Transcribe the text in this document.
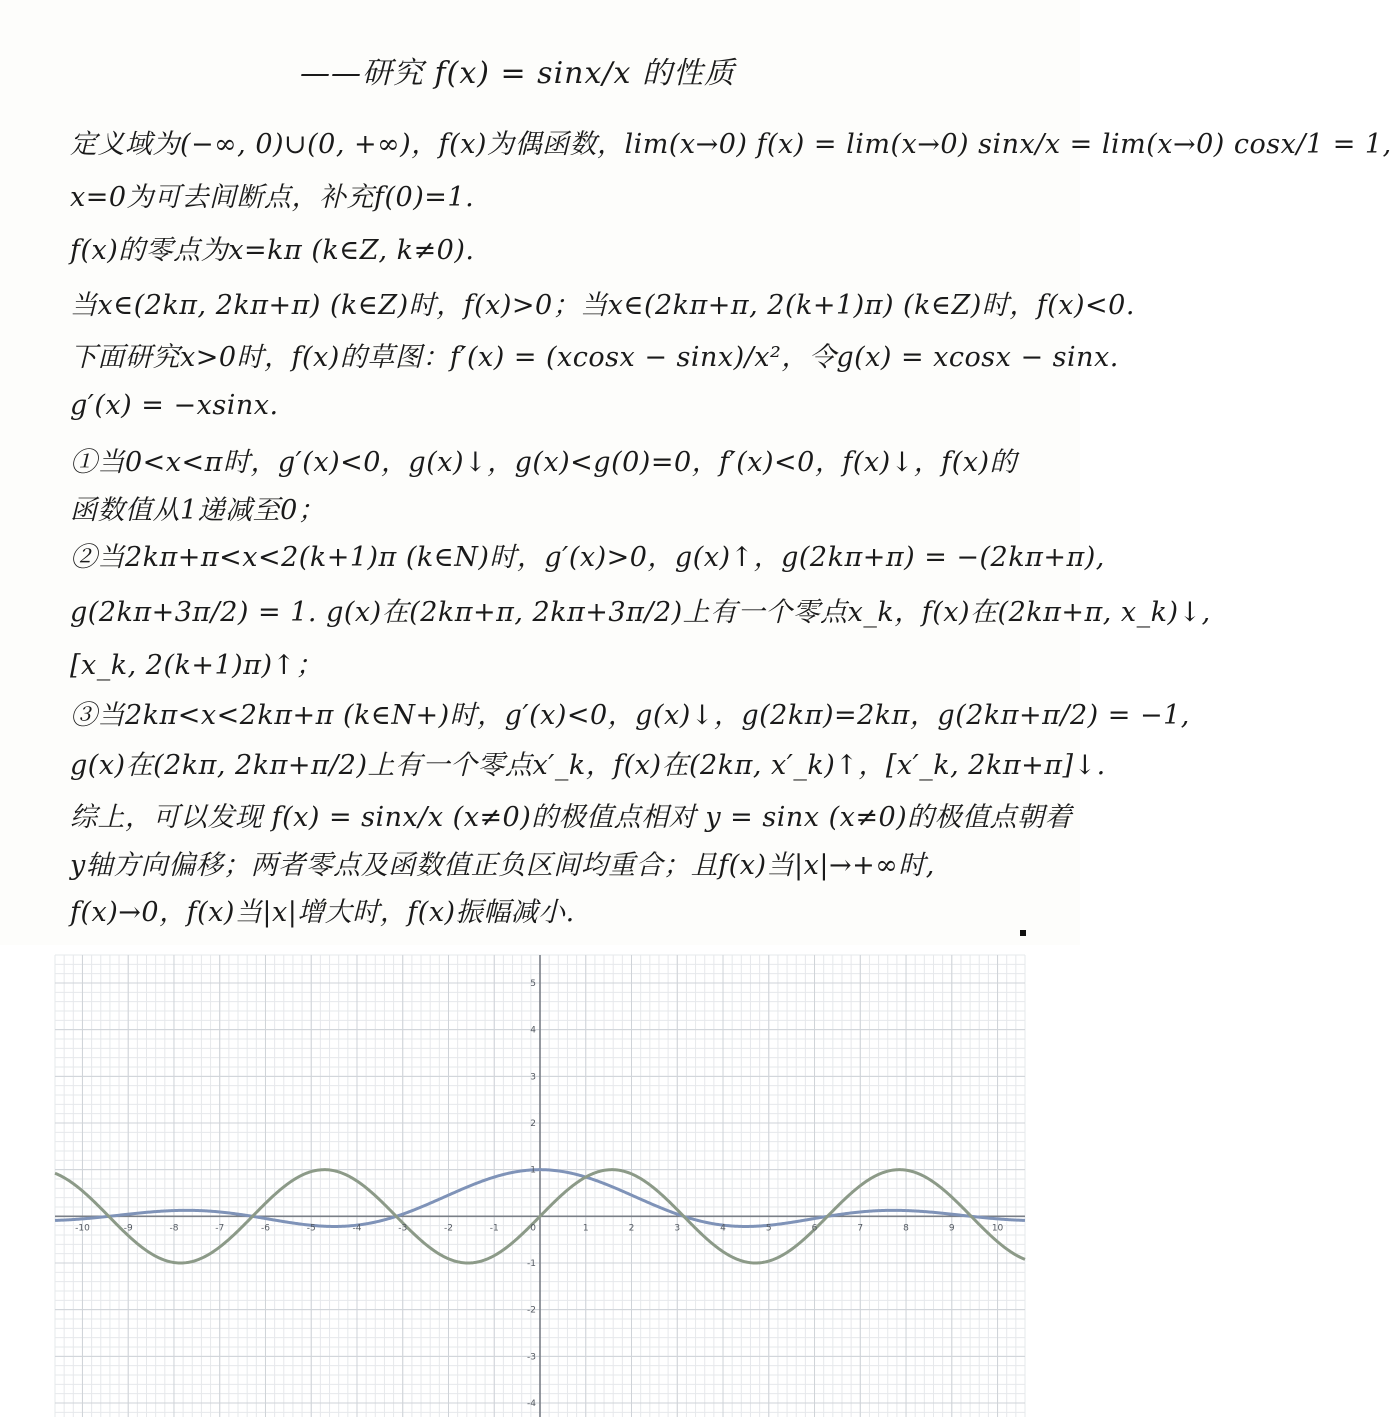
——研究 f(x) = sinx/x 的性质
定义域为(−∞, 0)∪(0, +∞)，f(x)为偶函数，lim(x→0) f(x) = lim(x→0) sinx/x = lim(x→0) cosx/1 = 1,
x=0为可去间断点，补充f(0)=1.
f(x)的零点为x=kπ (k∈Z, k≠0).
当x∈(2kπ, 2kπ+π) (k∈Z)时，f(x)>0；当x∈(2kπ+π, 2(k+1)π) (k∈Z)时，f(x)<0.
下面研究x>0时，f(x)的草图：f′(x) = (xcosx − sinx)/x²，令g(x) = xcosx − sinx.
g′(x) = −xsinx.
①当0<x<π时，g′(x)<0，g(x)↓，g(x)<g(0)=0，f′(x)<0，f(x)↓，f(x)的
函数值从1递减至0；
②当2kπ+π<x<2(k+1)π (k∈N)时，g′(x)>0，g(x)↑，g(2kπ+π) = −(2kπ+π),
g(2kπ+3π/2) = 1. g(x)在(2kπ+π, 2kπ+3π/2)上有一个零点x_k，f(x)在(2kπ+π, x_k)↓,
[x_k, 2(k+1)π)↑；
③当2kπ<x<2kπ+π (k∈N+)时，g′(x)<0，g(x)↓，g(2kπ)=2kπ，g(2kπ+π/2) = −1,
g(x)在(2kπ, 2kπ+π/2)上有一个零点x′_k，f(x)在(2kπ, x′_k)↑，[x′_k, 2kπ+π]↓.
综上，可以发现 f(x) = sinx/x (x≠0)的极值点相对 y = sinx (x≠0)的极值点朝着
y轴方向偏移；两者零点及函数值正负区间均重合；且f(x)当|x|→+∞时,
f(x)→0，f(x)当|x|增大时，f(x)振幅减小.
-10	-9	-8	-7	-6	-5	-4	-3	-2	-1	1	2	3	4	5	6	7	8	9	10
-4
-3
-2
-1
1
2
3
4
5
0
